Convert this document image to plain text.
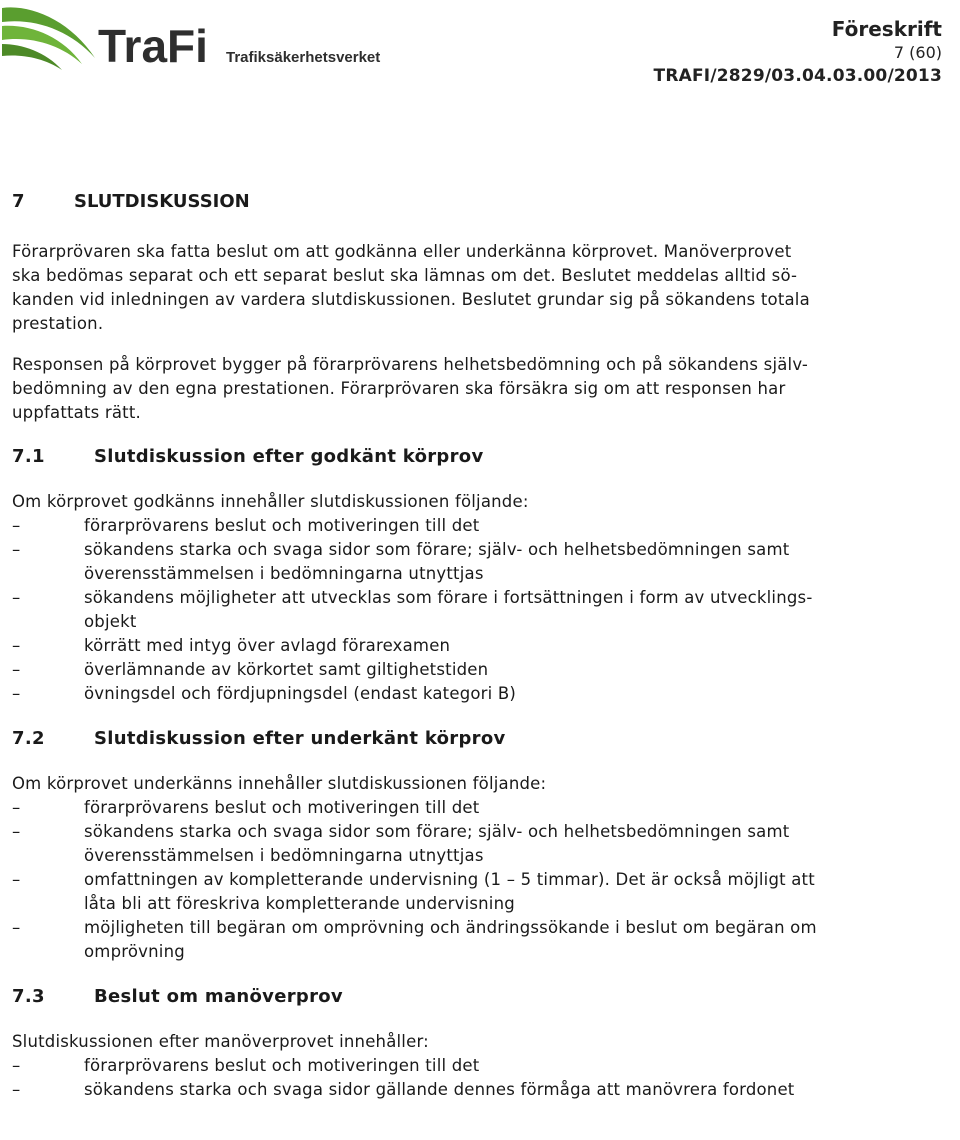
TraFi Trafiksäkerhetsverket
Föreskrift
7 (60)
TRAFI/2829/03.04.03.00/2013
7	SLUTDISKUSSION
Förarprövaren ska fatta beslut om att godkänna eller underkänna körprovet. Manöverprovet
ska bedömas separat och ett separat beslut ska lämnas om det. Beslutet meddelas alltid sö-
kanden vid inledningen av vardera slutdiskussionen. Beslutet grundar sig på sökandens totala
prestation.
Responsen på körprovet bygger på förarprövarens helhetsbedömning och på sökandens själv-
bedömning av den egna prestationen. Förarprövaren ska försäkra sig om att responsen har
uppfattats rätt.
7.1	Slutdiskussion efter godkänt körprov

Om körprovet godkänns innehåller slutdiskussionen följande:

–	förarprövarens beslut och motiveringen till det
–	sökandens starka och svaga sidor som förare; själv- och helhetsbedömningen samt
överensstämmelsen i bedömningarna utnyttjas
–	sökandens möjligheter att utvecklas som förare i fortsättningen i form av utvecklings-
objekt
–	körrätt med intyg över avlagd förarexamen
–	överlämnande av körkortet samt giltighetstiden
–	övningsdel och fördjupningsdel (endast kategori B)
7.2	Slutdiskussion efter underkänt körprov

Om körprovet underkänns innehåller slutdiskussionen följande:

–	förarprövarens beslut och motiveringen till det
–	sökandens starka och svaga sidor som förare; själv- och helhetsbedömningen samt
överensstämmelsen i bedömningarna utnyttjas
–	omfattningen av kompletterande undervisning (1 – 5 timmar). Det är också möjligt att
låta bli att föreskriva kompletterande undervisning
–	möjligheten till begäran om omprövning och ändringssökande i beslut om begäran om
omprövning
7.3	Beslut om manöverprov

Slutdiskussionen efter manöverprovet innehåller:

–	förarprövarens beslut och motiveringen till det
–	sökandens starka och svaga sidor gällande dennes förmåga att manövrera fordonet
